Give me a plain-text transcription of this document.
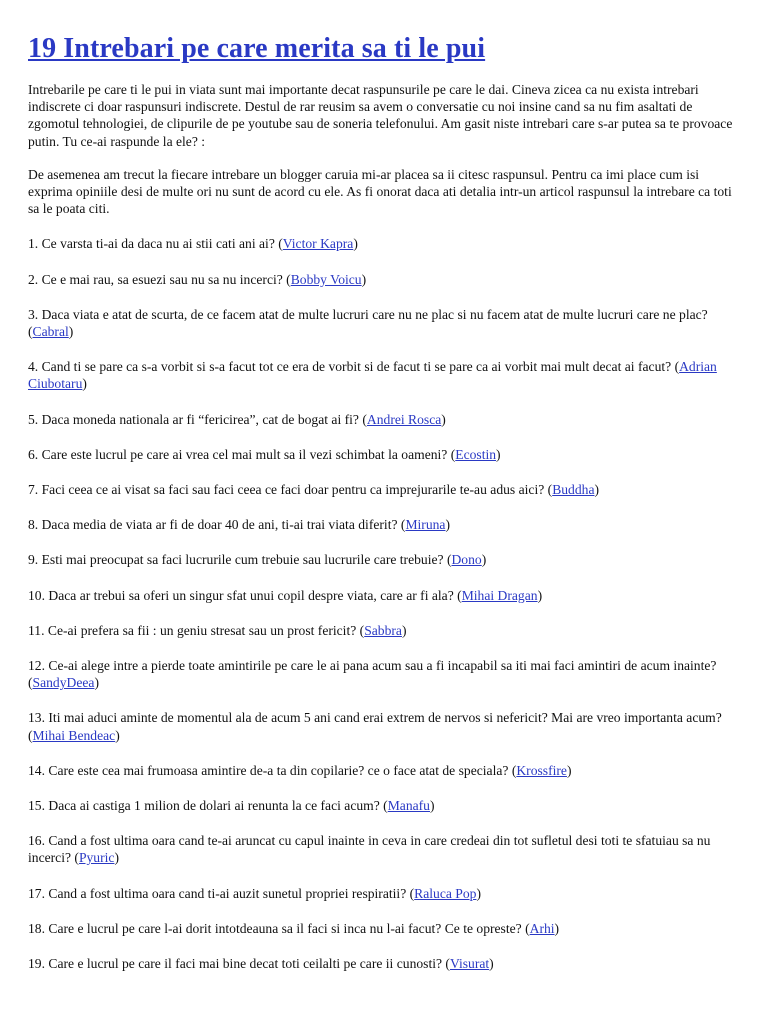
19 Intrebari pe care merita sa ti le pui

Intrebarile pe care ti le pui in viata sunt mai importante decat raspunsurile pe care le dai. Cineva zicea ca nu exista intrebari indiscrete ci doar raspunsuri indiscrete. Destul de rar reusim sa avem o conversatie cu noi insine cand sa nu fim asaltati de zgomotul tehnologiei, de clipurile de pe youtube sau de soneria telefonului. Am gasit niste intrebari care s-ar putea sa te provoace putin. Tu ce-ai raspunde la ele? :

De asemenea am trecut la fiecare intrebare un blogger caruia mi-ar placea sa ii citesc raspunsul. Pentru ca imi place cum isi exprima opiniile desi de multe ori nu sunt de acord cu ele. As fi onorat daca ati detalia intr-un articol raspunsul la intrebare ca toti sa le poata citi.

1. Ce varsta ti-ai da daca nu ai stii cati ani ai? (Victor Kapra)
2. Ce e mai rau, sa esuezi sau nu sa nu incerci? (Bobby Voicu)
3. Daca viata e atat de scurta, de ce facem atat de multe lucruri care nu ne plac si nu facem atat de multe lucruri care ne plac? (Cabral)
4. Cand ti se pare ca s-a vorbit si s-a facut tot ce era de vorbit si de facut ti se pare ca ai vorbit mai mult decat ai facut? (Adrian Ciubotaru)
5. Daca moneda nationala ar fi “fericirea”, cat de bogat ai fi? (Andrei Rosca)
6. Care este lucrul pe care ai vrea cel mai mult sa il vezi schimbat la oameni? (Ecostin)
7. Faci ceea ce ai visat sa faci sau faci ceea ce faci doar pentru ca imprejurarile te-au adus aici? (Buddha)
8. Daca media de viata ar fi de doar 40 de ani, ti-ai trai viata diferit? (Miruna)
9. Esti mai preocupat sa faci lucrurile cum trebuie sau lucrurile care trebuie? (Dono)
10. Daca ar trebui sa oferi un singur sfat unui copil despre viata, care ar fi ala? (Mihai Dragan)
11. Ce-ai prefera sa fii : un geniu stresat sau un prost fericit? (Sabbra)
12. Ce-ai alege intre a pierde toate amintirile pe care le ai pana acum sau a fi incapabil sa iti mai faci amintiri de acum inainte? (SandyDeea)
13. Iti mai aduci aminte de momentul ala de acum 5 ani cand erai extrem de nervos si nefericit? Mai are vreo importanta acum? (Mihai Bendeac)
14. Care este cea mai frumoasa amintire de-a ta din copilarie? ce o face atat de speciala? (Krossfire)
15. Daca ai castiga 1 milion de dolari ai renunta la ce faci acum? (Manafu)
16. Cand a fost ultima oara cand te-ai aruncat cu capul inainte in ceva in care credeai din tot sufletul desi toti te sfatuiau sa nu incerci? (Pyuric)
17. Cand a fost ultima oara cand ti-ai auzit sunetul propriei respiratii? (Raluca Pop)
18. Care e lucrul pe care l-ai dorit intotdeauna sa il faci si inca nu l-ai facut? Ce te opreste? (Arhi)
19. Care e lucrul pe care il faci mai bine decat toti ceilalti pe care ii cunosti? (Visurat)
